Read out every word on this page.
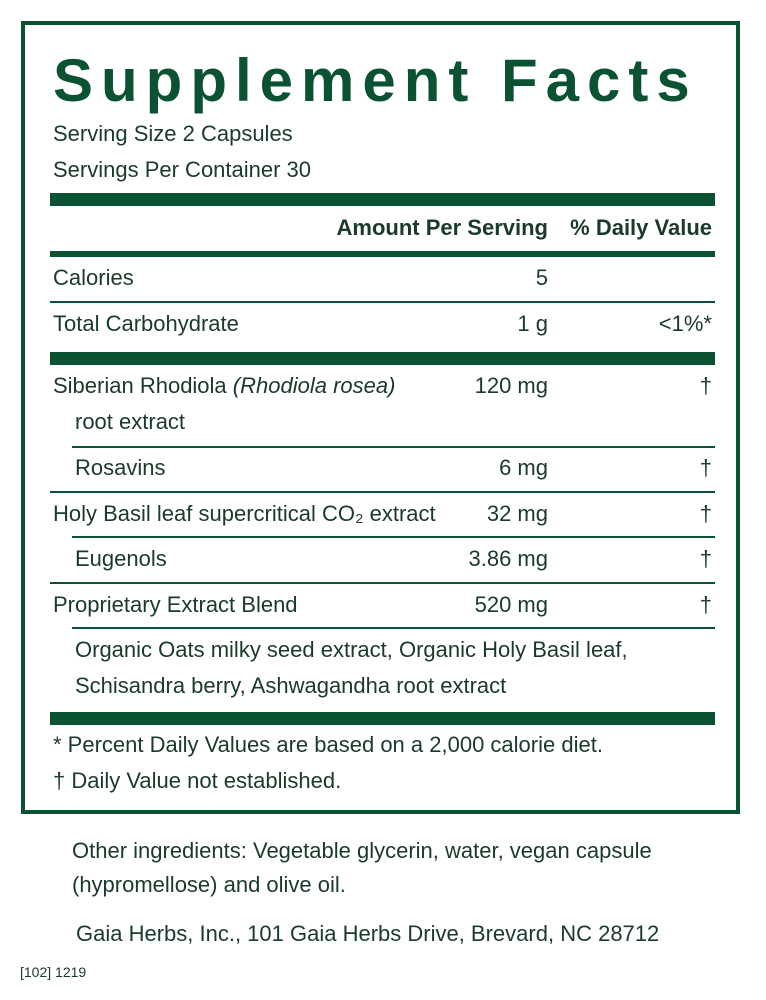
Supplement Facts
Serving Size 2 Capsules
Servings Per Container 30
Amount Per Serving % Daily Value
Calories	5
Total Carbohydrate	1 g	<1%*
Siberian Rhodiola (Rhodiola rosea)
root extract
120 mg	†
Rosavins	6 mg	†
Holy Basil leaf supercritical CO₂ extract 32 mg	†
Eugenols	3.86 mg	†
Proprietary Extract Blend	520 mg	†
Organic Oats milky seed extract, Organic Holy Basil leaf,
Schisandra berry, Ashwagandha root extract
* Percent Daily Values are based on a 2,000 calorie diet.
† Daily Value not established.
Other ingredients: Vegetable glycerin, water, vegan capsule
(hypromellose) and olive oil.
Gaia Herbs, Inc., 101 Gaia Herbs Drive, Brevard, NC 28712
[102] 1219
